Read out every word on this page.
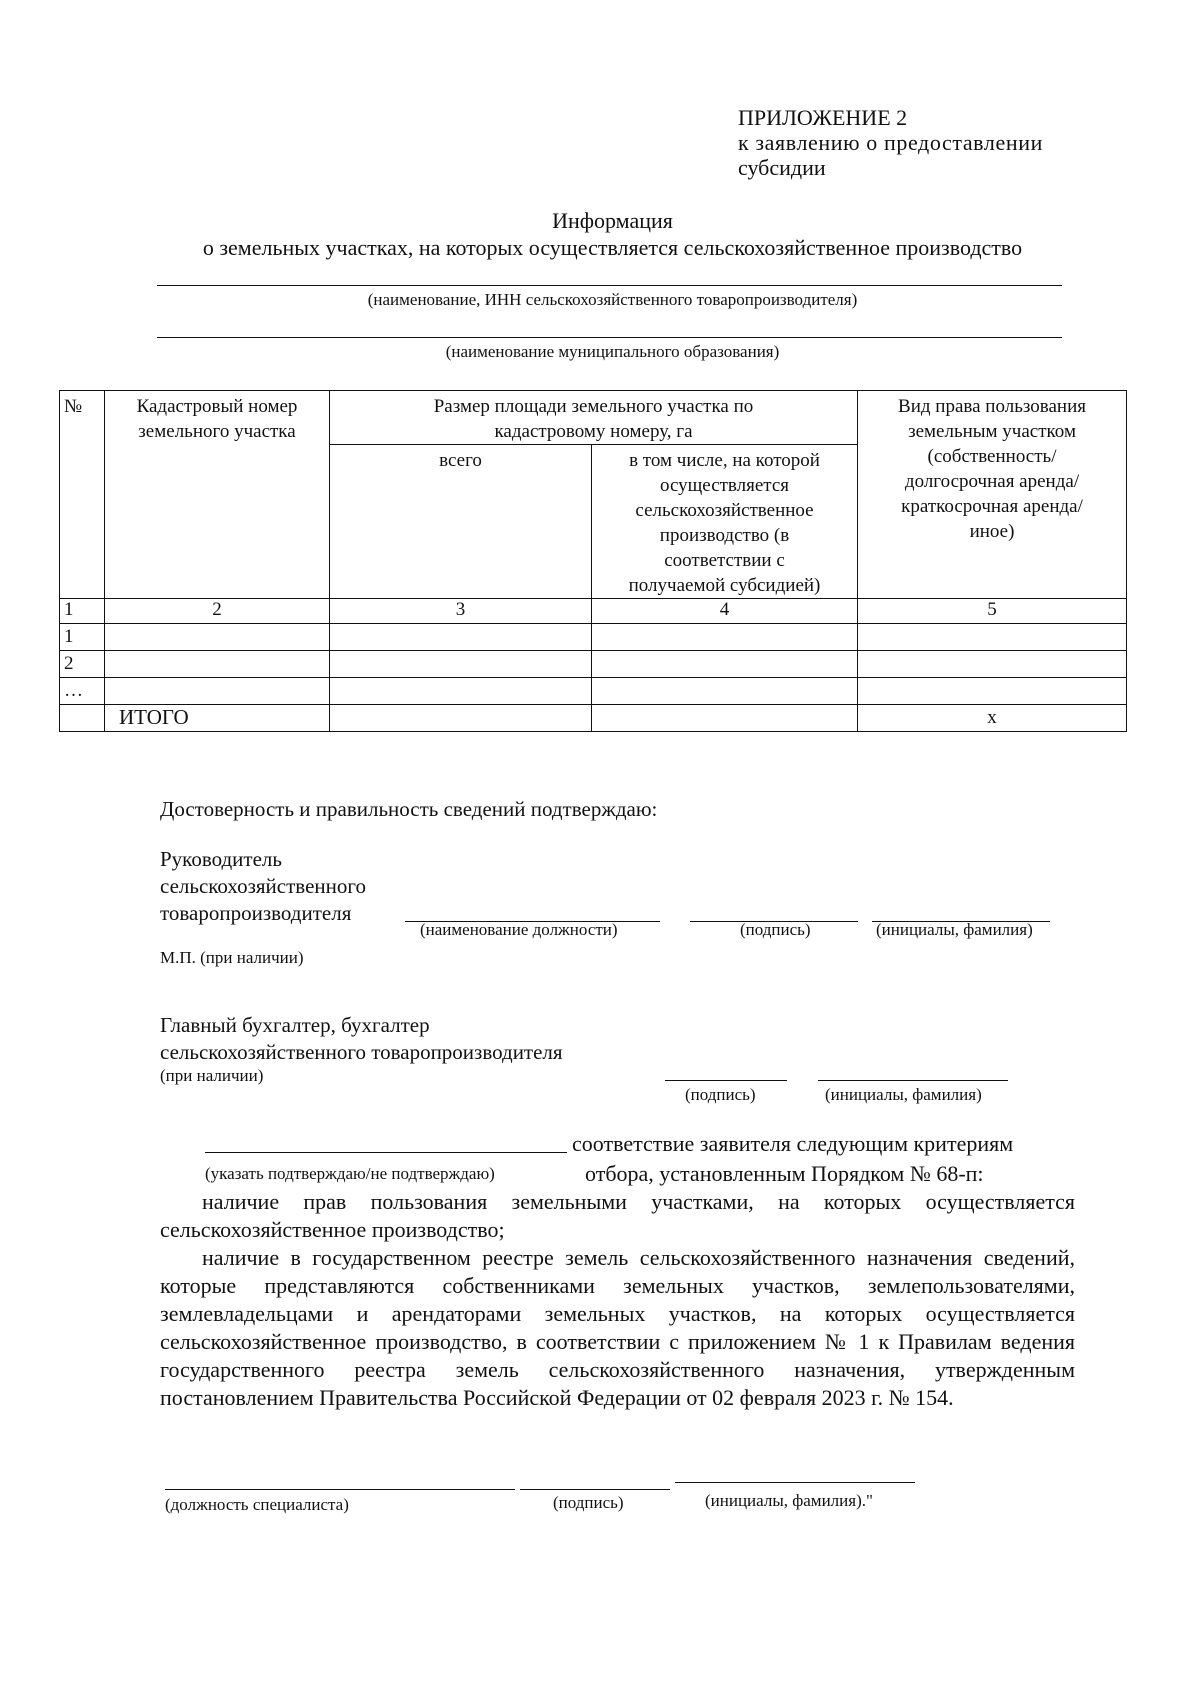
ПРИЛОЖЕНИЕ 2
к заявлению о предоставлении
субсидии
Информация
о земельных участках, на которых осуществляется сельскохозяйственное производство
(наименование, ИНН сельскохозяйственного товаропроизводителя)
(наименование муниципального образования)
№	Кадастровый номер земельного участка	Размер площади земельного участка по кадастровому номеру, га		Вид права пользования земельным участком (собственность/ долгосрочная аренда/ краткосрочная аренда/ иное)
		всего	в том числе, на которой осуществляется сельскохозяйственное производство (в соответствии с получаемой субсидией)	
1	2	3	4	5
1				
2				
…				
	ИТОГО			х
Достоверность и правильность сведений подтверждаю:
Руководитель
сельскохозяйственного
товаропроизводителя
(наименование должности)	(подпись)	(инициалы, фамилия)
М.П. (при наличии)
Главный бухгалтер, бухгалтер
сельскохозяйственного товаропроизводителя
(при наличии)
(подпись)	(инициалы, фамилия)
соответствие заявителя следующим критериям
(указать подтверждаю/не подтверждаю)	отбора, установленным Порядком № 68-п:

наличие прав пользования земельными участками, на которых осуществляется сельскохозяйственное производство;

наличие в государственном реестре земель сельскохозяйственного назначения сведений, которые представляются собственниками земельных участков, землепользователями, землевладельцами и арендаторами земельных участков, на которых осуществляется сельскохозяйственное производство, в соответствии с приложением № 1 к Правилам ведения государственного реестра земель сельскохозяйственного назначения, утвержденным постановлением Правительства Российской Федерации от 02 февраля 2023 г. № 154.

(должность специалиста)	(подпись)	(инициалы, фамилия)."
